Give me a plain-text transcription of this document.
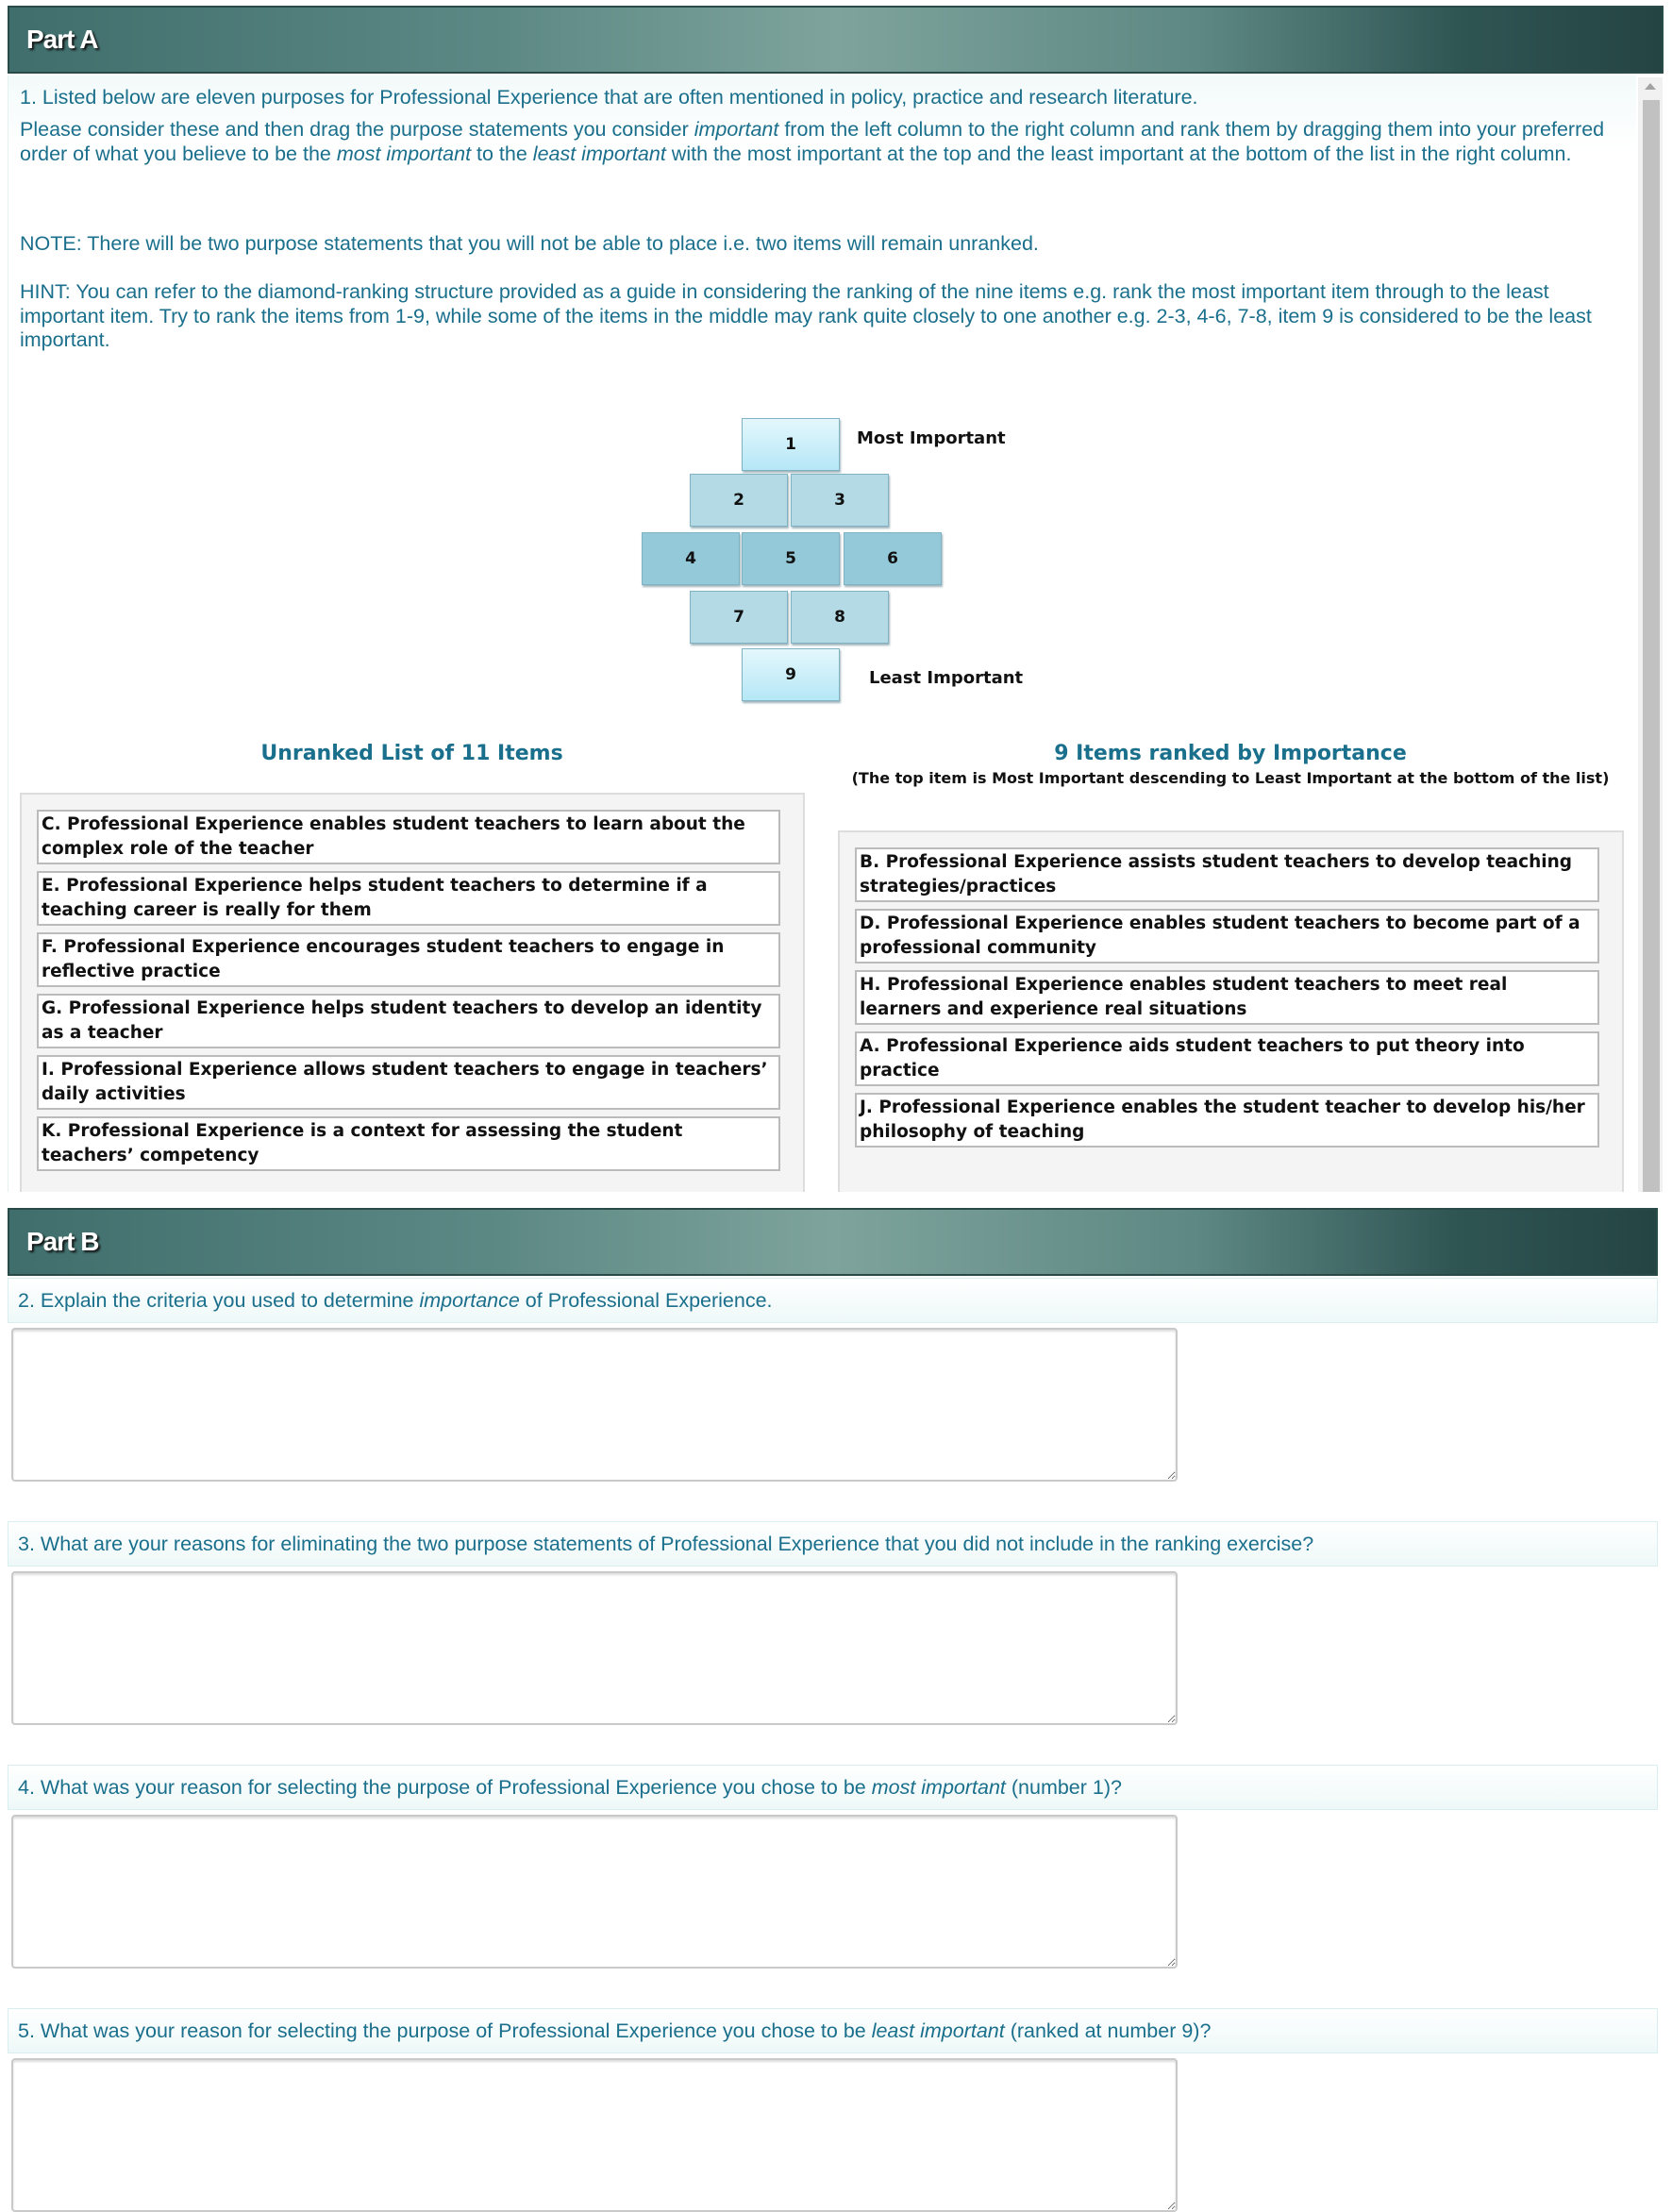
Part A
1. Listed below are eleven purposes for Professional Experience that are often mentioned in policy, practice and research literature.
Please consider these and then drag the purpose statements you consider important from the left column to the right column and rank them by dragging them into your preferred order of what you believe to be the most important to the least important with the most important at the top and the least important at the bottom of the list in the right column.
NOTE: There will be two purpose statements that you will not be able to place i.e. two items will remain unranked.
HINT: You can refer to the diamond-ranking structure provided as a guide in considering the ranking of the nine items e.g. rank the most important item through to the least important item. Try to rank the items from 1-9, while some of the items in the middle may rank quite closely to one another e.g. 2-3, 4-6, 7-8, item 9 is considered to be the least important.
1
2	3
4	5	6
7	8
9
Most Important
Least Important
Unranked List of 11 Items	9 Items ranked by Importance
(The top item is Most Important descending to Least Important at the bottom of the list)
C. Professional Experience enables student teachers to learn about the complex role of the teacher
E. Professional Experience helps student teachers to determine if a teaching career is really for them
F. Professional Experience encourages student teachers to engage in reflective practice
G. Professional Experience helps student teachers to develop an identity as a teacher
I. Professional Experience allows student teachers to engage in teachers’ daily activities
K. Professional Experience is a context for assessing the student teachers’ competency
B. Professional Experience assists student teachers to develop teaching strategies/practices
D. Professional Experience enables student teachers to become part of a professional community
H. Professional Experience enables student teachers to meet real learners and experience real situations
A. Professional Experience aids student teachers to put theory into practice
J. Professional Experience enables the student teacher to develop his/her philosophy of teaching
Part B
2. Explain the criteria you used to determine importance of Professional Experience.
3. What are your reasons for eliminating the two purpose statements of Professional Experience that you did not include in the ranking exercise?
4. What was your reason for selecting the purpose of Professional Experience you chose to be most important (number 1)?
5. What was your reason for selecting the purpose of Professional Experience you chose to be least important (ranked at number 9)?
